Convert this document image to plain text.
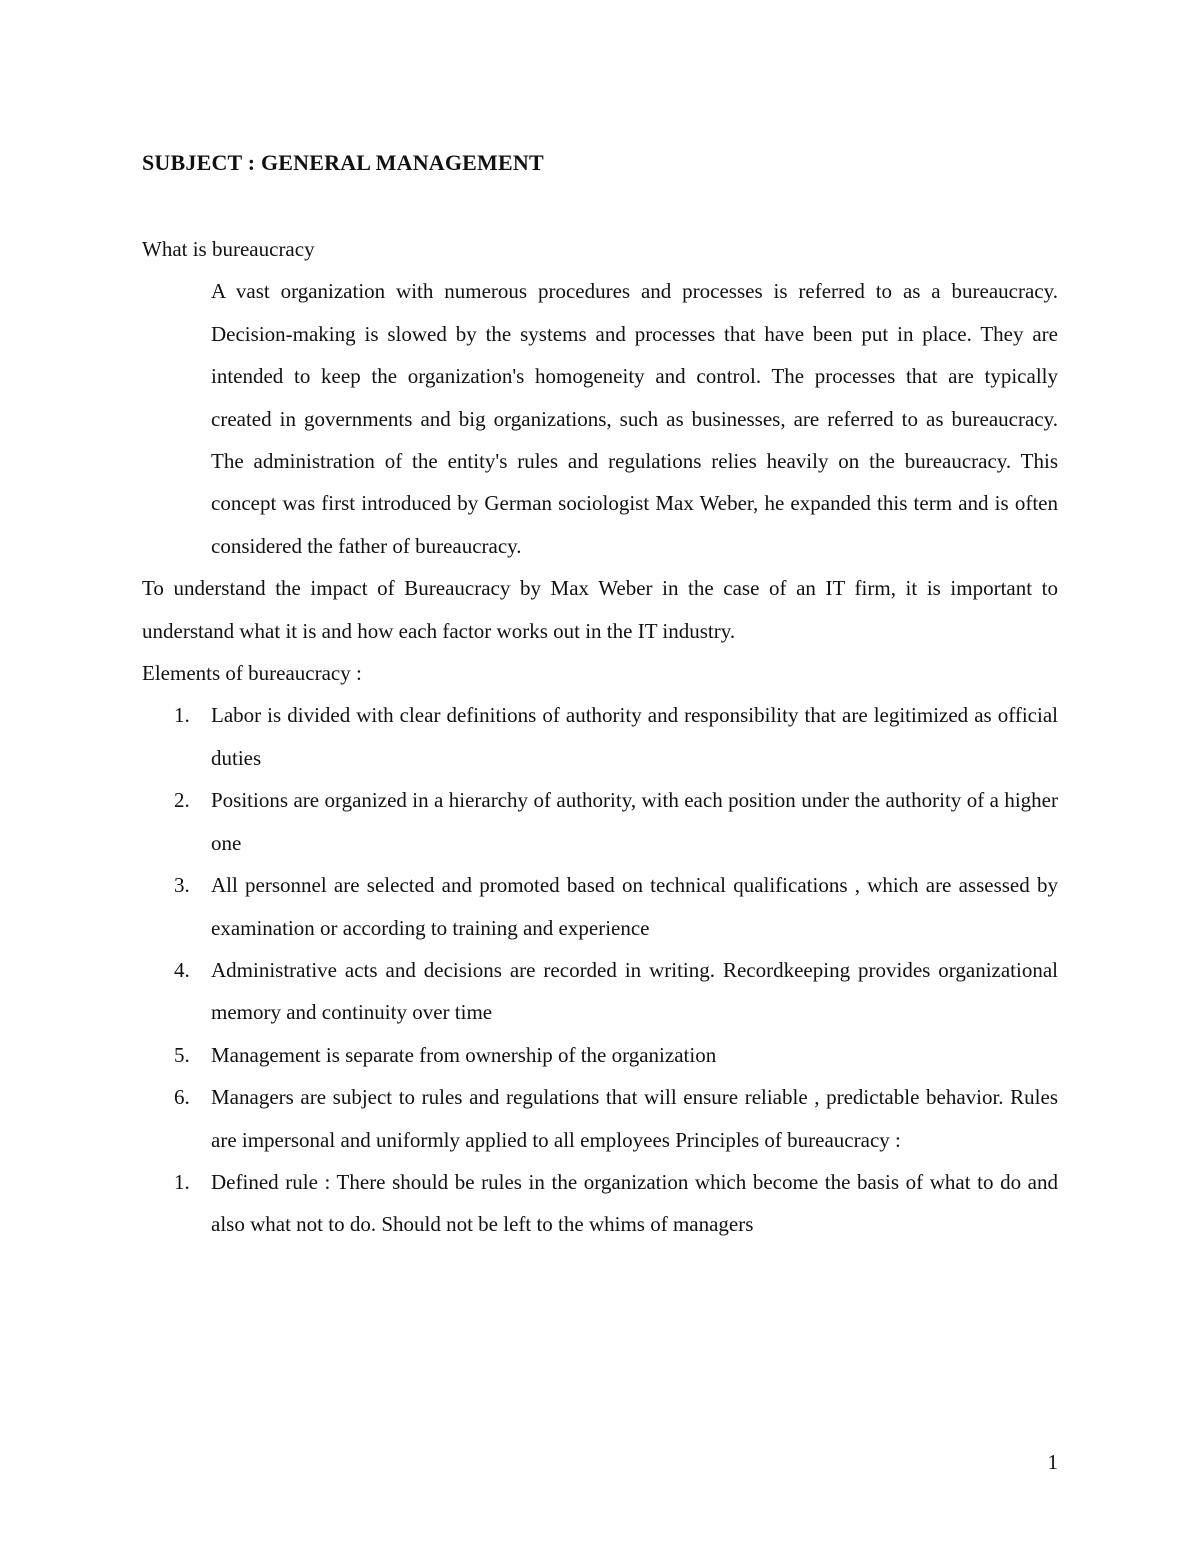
SUBJECT : GENERAL MANAGEMENT

What is bureaucracy

A vast organization with numerous procedures and processes is referred to as a bureaucracy. Decision-making is slowed by the systems and processes that have been put in place. They are intended to keep the organization's homogeneity and control. The processes that are typically created in governments and big organizations, such as businesses, are referred to as bureaucracy. The administration of the entity's rules and regulations relies heavily on the bureaucracy. This concept was first introduced by German sociologist Max Weber, he expanded this term and is often considered the father of bureaucracy.

To understand the impact of Bureaucracy by Max Weber in the case of an IT firm, it is important to understand what it is and how each factor works out in the IT industry.

Elements of bureaucracy :

1. Labor is divided with clear definitions of authority and responsibility that are legitimized as official duties
2. Positions are organized in a hierarchy of authority, with each position under the authority of a higher one
3. All personnel are selected and promoted based on technical qualifications , which are assessed by examination or according to training and experience
4. Administrative acts and decisions are recorded in writing. Recordkeeping provides organizational memory and continuity over time
5. Management is separate from ownership of the organization
6. Managers are subject to rules and regulations that will ensure reliable , predictable behavior. Rules are impersonal and uniformly applied to all employees Principles of bureaucracy :
1. Defined rule : There should be rules in the organization which become the basis of what to do and also what not to do. Should not be left to the whims of managers
1
